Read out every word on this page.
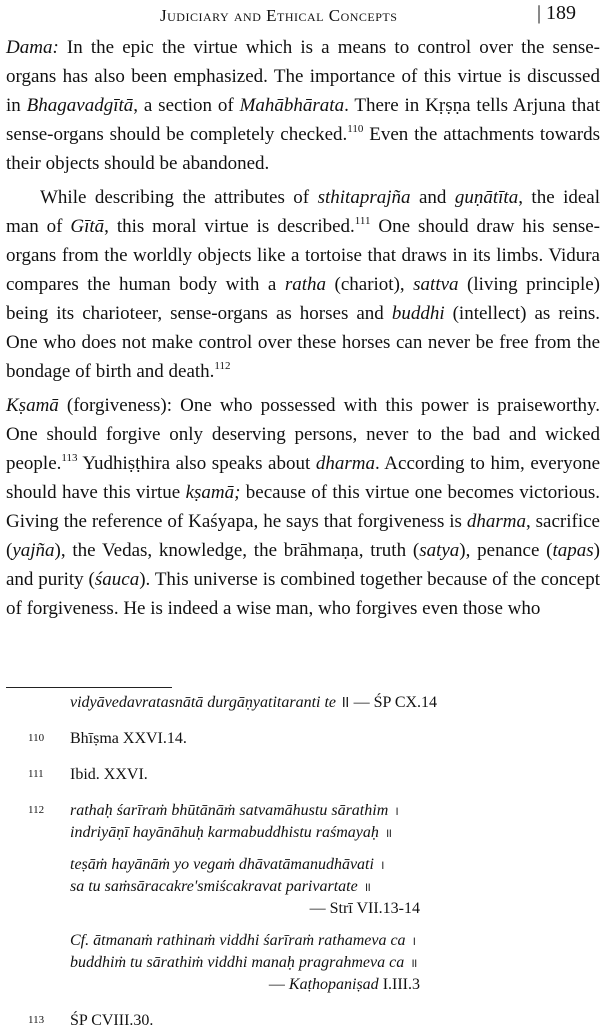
Judiciary and Ethical Concepts	| 189

Dama: In the epic the virtue which is a means to control over the sense-organs has also been emphasized. The importance of this virtue is discussed in Bhagavadgītā, a section of Mahābhārata. There in Kṛṣṇa tells Arjuna that sense-organs should be completely checked.$^{110}$ Even the attachments towards their objects should be abandoned.

While describing the attributes of sthitaprajña and guṇātīta, the ideal man of Gītā, this moral virtue is described.$^{111}$ One should draw his sense-organs from the worldly objects like a tortoise that draws in its limbs. Vidura compares the human body with a ratha (chariot), sattva (living principle) being its charioteer, sense-organs as horses and buddhi (intellect) as reins. One who does not make control over these horses can never be free from the bondage of birth and death.$^{112}$

Kṣamā (forgiveness): One who possessed with this power is praiseworthy. One should forgive only deserving persons, never to the bad and wicked people.$^{113}$ Yudhiṣṭhira also speaks about dharma. According to him, everyone should have this virtue kṣamā; because of this virtue one becomes victorious. Giving the reference of Kaśyapa, he says that forgiveness is dharma, sacrifice (yajña), the Vedas, knowledge, the brāhmaṇa, truth (satya), penance (tapas) and purity (śauca). This universe is combined together because of the concept of forgiveness. He is indeed a wise man, who forgives even those who

vidyāvedavratasnātā durgāṇyatitaranti te ॥ — ŚP CX.14
110 Bhīṣma XXVI.14.
111 Ibid. XXVI.
112 rathaḥ śarīraṁ bhūtānāṁ satvamāhustu sārathim ।
indriyāṇī hayānāhuḥ karmabuddhistu raśmayaḥ ॥
teṣāṁ hayānāṁ yo vegaṁ dhāvatāmanudhāvati ।
sa tu saṁsāracakre'smiścakravat parivartate ॥
— Strī VII.13-14
Cf. ātmanaṁ rathinaṁ viddhi śarīraṁ rathameva ca ।
buddhiṁ tu sārathiṁ viddhi manaḥ pragrahmeva ca ॥
— Kaṭhopaniṣad I.III.3
113 ŚP CVIII.30.
